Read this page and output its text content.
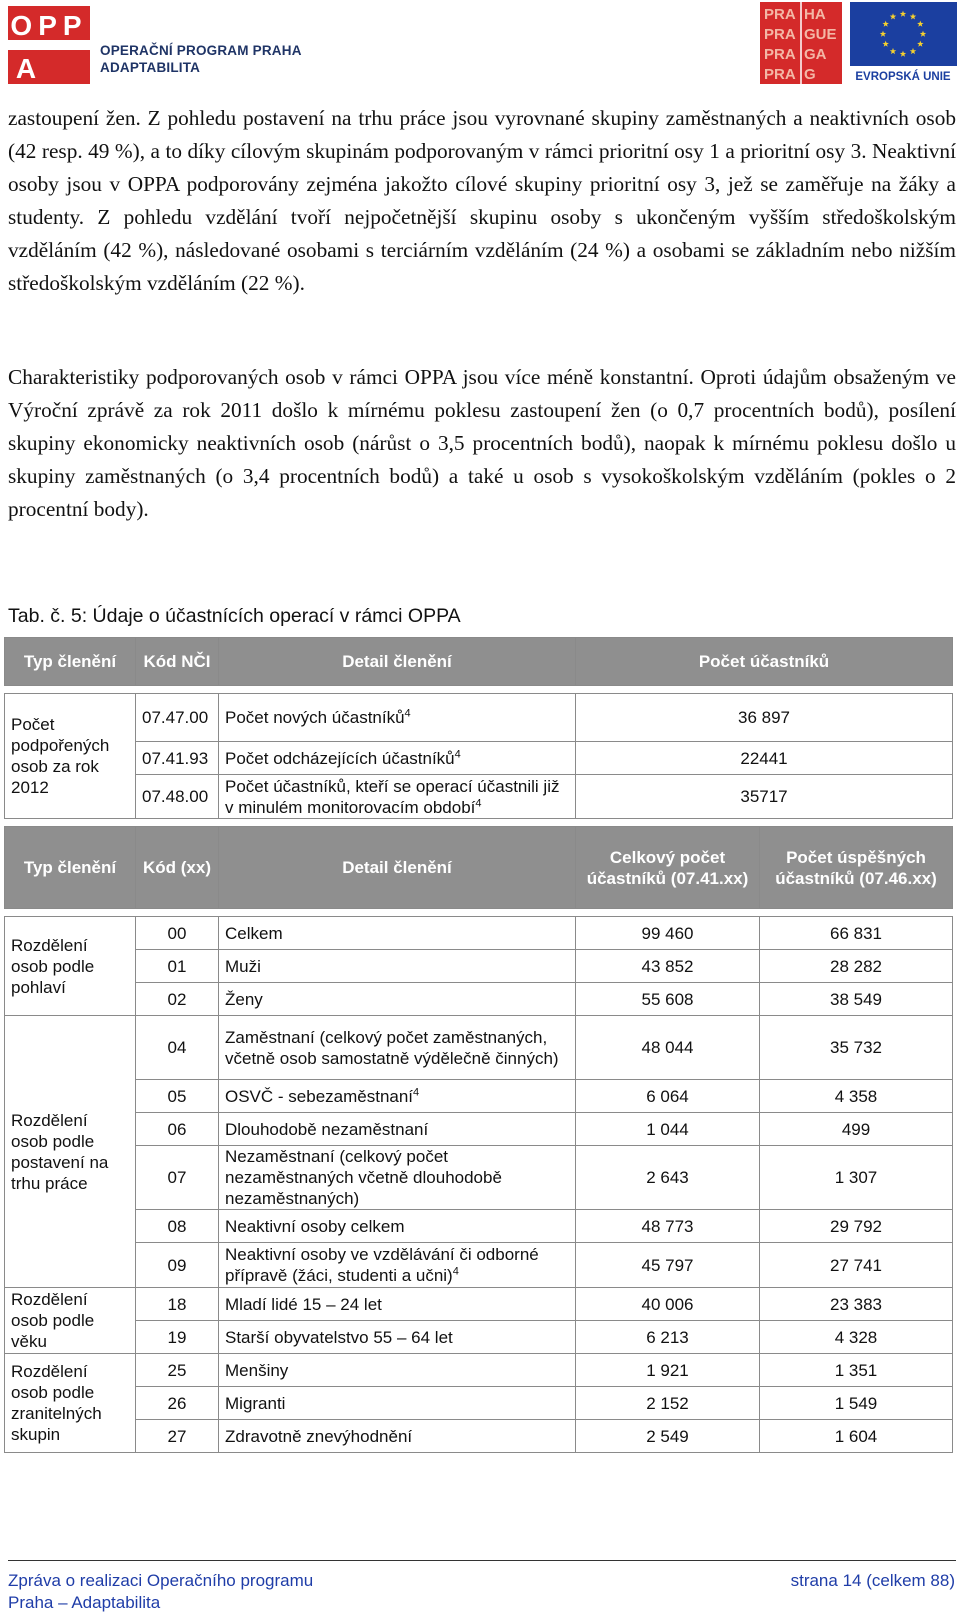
OPP
A
OPERAČNÍ PROGRAM PRAHA
ADAPTABILITA
PRA HA
PRA GUE
PRA GA
PRA G	EVROPSKÁ UNIE
zastoupení žen. Z pohledu postavení na trhu práce jsou vyrovnané skupiny zaměstnaných a neaktivních osob (42 resp. 49 %), a to díky cílovým skupinám podporovaným v rámci prioritní osy 1 a prioritní osy 3. Neaktivní osoby jsou v OPPA podporovány zejména jakožto cílové skupiny prioritní osy 3, jež se zaměřuje na žáky a studenty. Z pohledu vzdělání tvoří nejpočetnější skupinu osoby s ukončeným vyšším středoškolským vzděláním (42 %), následované osobami s terciárním vzděláním (24 %) a osobami se základním nebo nižším středoškolským vzděláním (22 %).
Charakteristiky podporovaných osob v rámci OPPA jsou více méně konstantní. Oproti údajům obsaženým ve Výroční zprávě za rok 2011 došlo k mírnému poklesu zastoupení žen (o 0,7 procentních bodů), posílení skupiny ekonomicky neaktivních osob (nárůst o 3,5 procentních bodů), naopak k mírnému poklesu došlo u skupiny zaměstnaných (o 3,4 procentních bodů) a také u osob s vysokoškolským vzděláním (pokles o 2 procentní body).
Tab. č. 5: Údaje o účastnících operací v rámci OPPA
Typ členění	Kód NČI	Detail členění	Počet účastníků	

Počet podpořených osob za rok 2012	07.47.00	Počet nových účastníků$^4$	36 897	
	07.41.93	Počet odcházejících účastníků$^4$	22441	
	07.48.00	Počet účastníků, kteří se operací účastnili již v minulém monitorovacím období$^4$	35717	

Typ členění	Kód (xx)	Detail členění	Celkový počet účastníků (07.41.xx)	Počet úspěšných účastníků (07.46.xx)

Rozdělení osob podle pohlaví	00	Celkem	99 460	66 831
	01	Muži	43 852	28 282
	02	Ženy	55 608	38 549
Rozdělení osob podle postavení na trhu práce	04	Zaměstnaní (celkový počet zaměstnaných, včetně osob samostatně výdělečně činných)	48 044	35 732
	05	OSVČ - sebezaměstnaní$^4$	6 064	4 358
	06	Dlouhodobě nezaměstnaní	1 044	499
	07	Nezaměstnaní (celkový počet nezaměstnaných včetně dlouhodobě nezaměstnaných)	2 643	1 307
	08	Neaktivní osoby celkem	48 773	29 792
	09	Neaktivní osoby ve vzdělávání či odborné přípravě (žáci, studenti a učni)$^4$	45 797	27 741
Rozdělení osob podle věku	18	Mladí lidé 15 – 24 let	40 006	23 383
	19	Starší obyvatelstvo 55 – 64 let	6 213	4 328
Rozdělení osob podle zranitelných skupin	25	Menšiny	1 921	1 351
	26	Migranti	2 152	1 549
	27	Zdravotně znevýhodnění	2 549	1 604
Zpráva o realizaci Operačního programu
Praha – Adaptabilita
strana 14 (celkem 88)
